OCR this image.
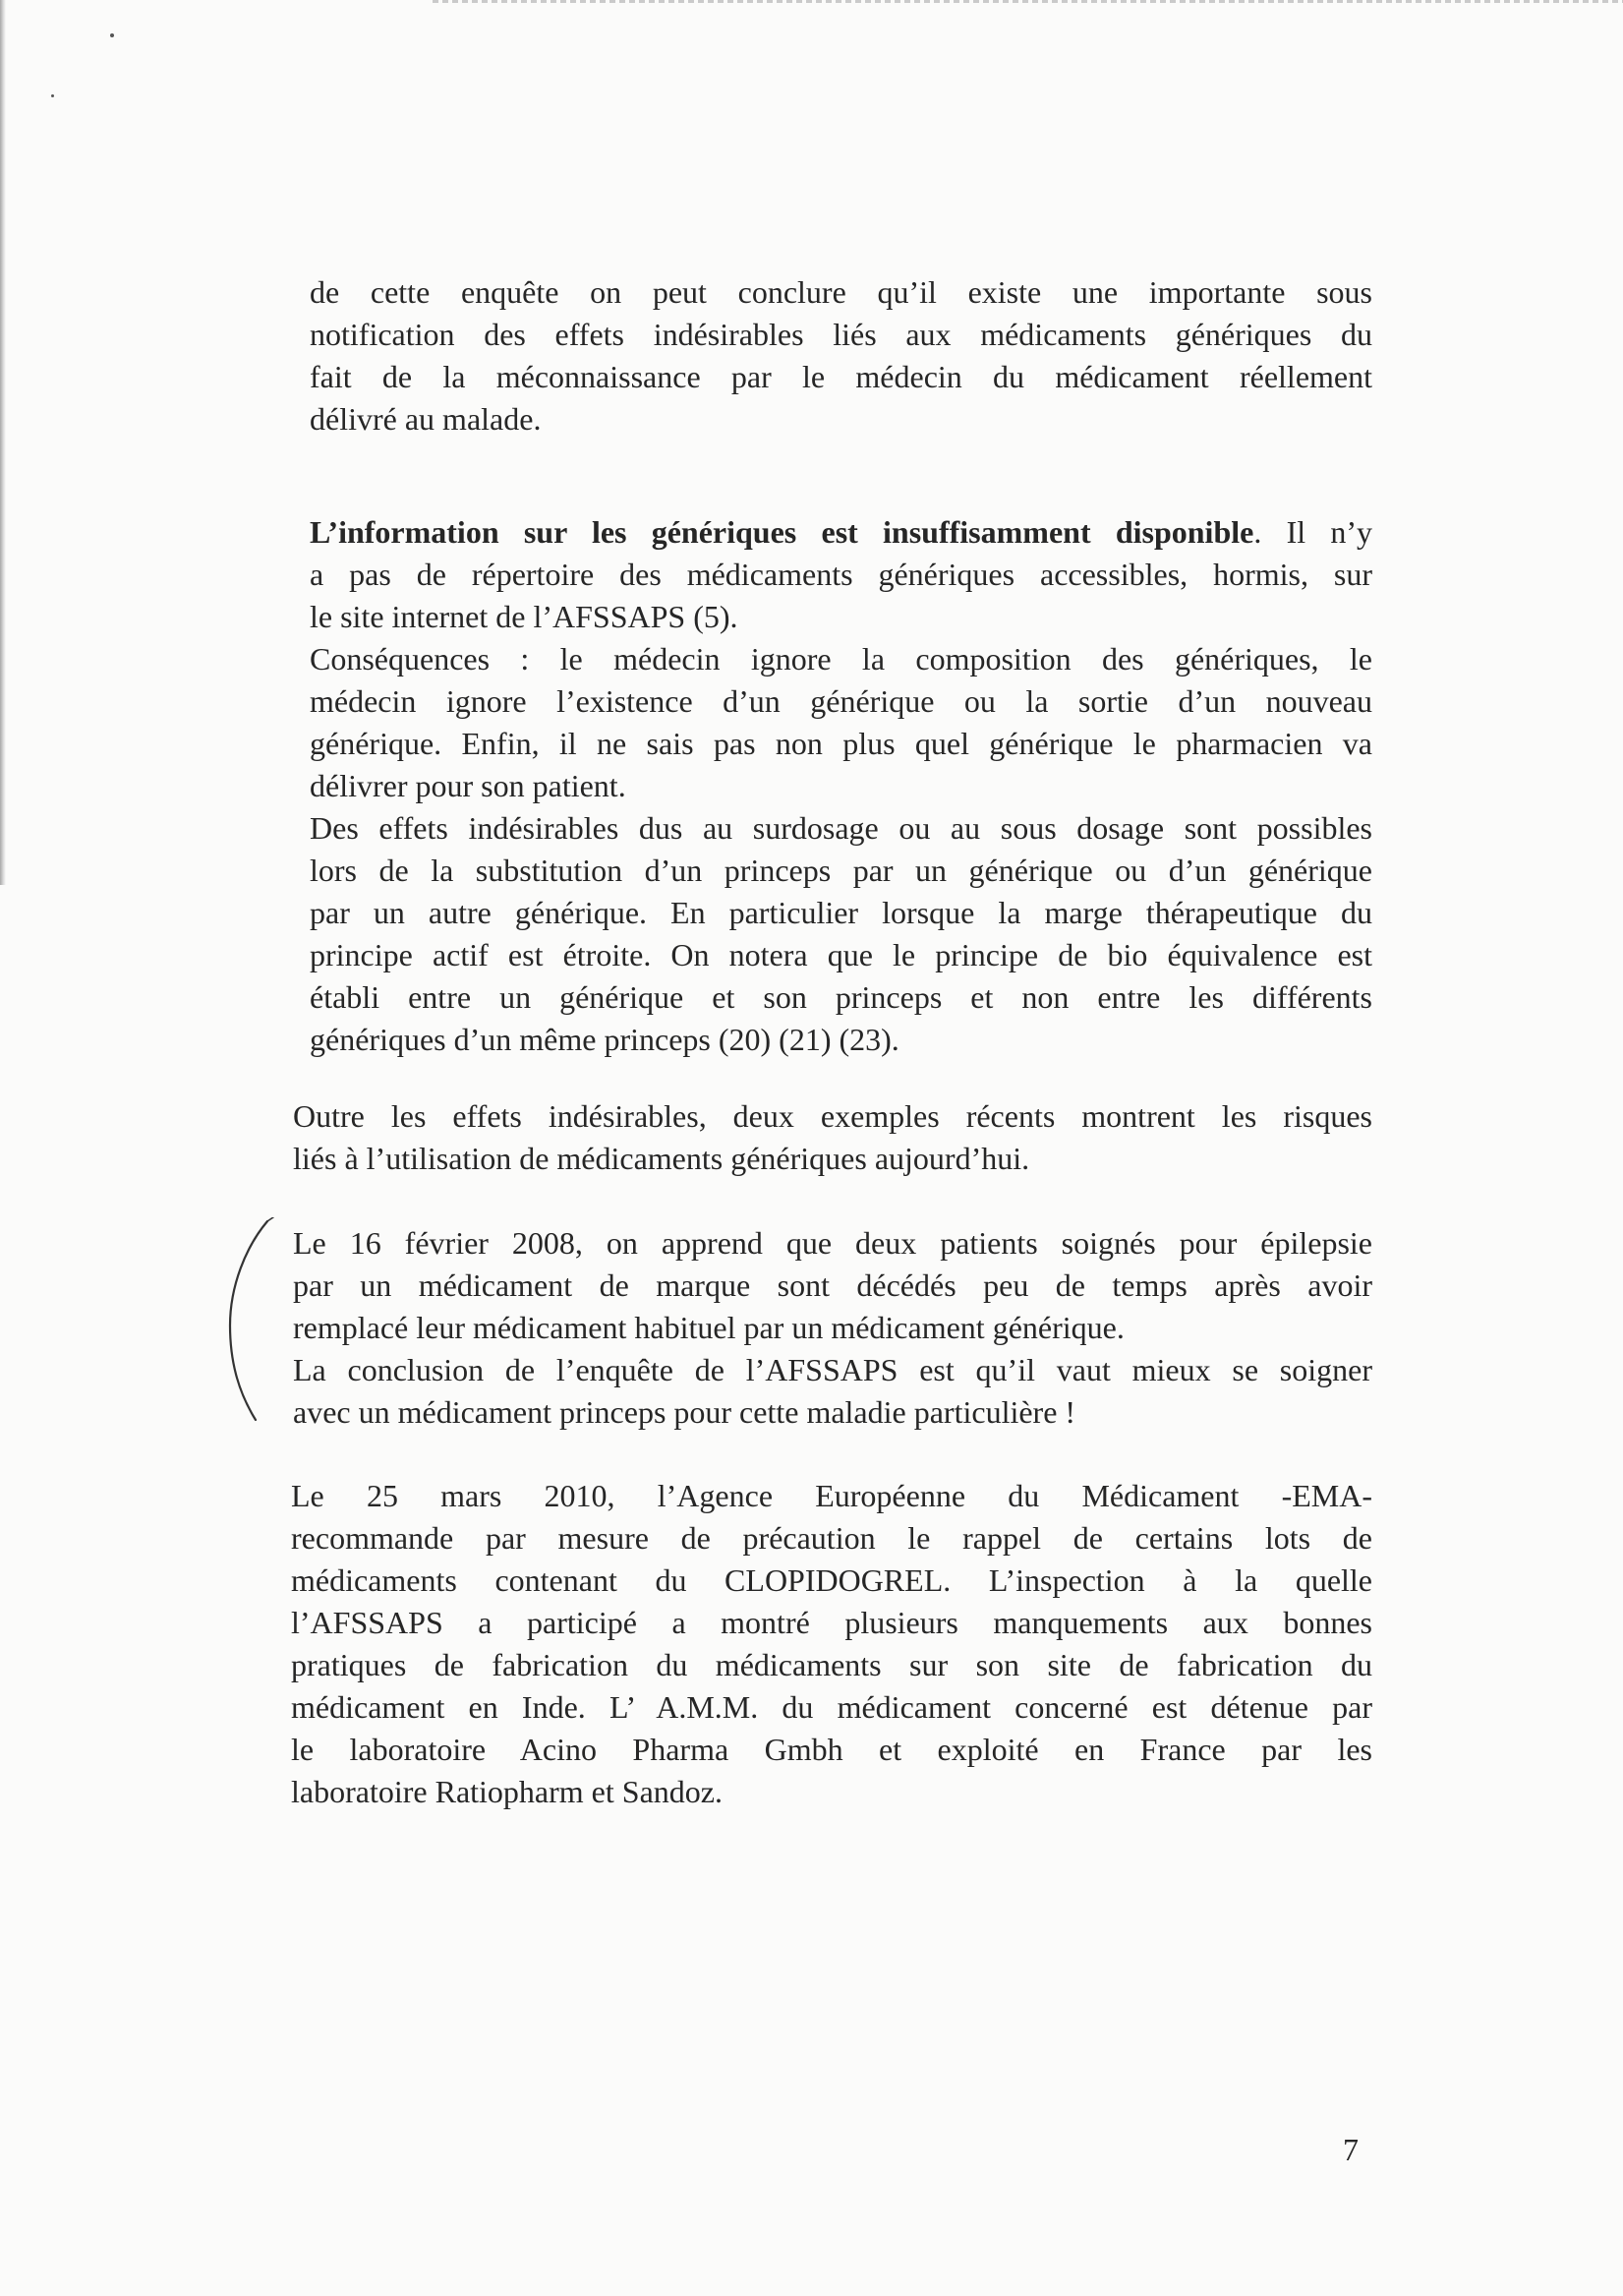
de cette enquête on peut conclure qu’il existe une importante sous
notification des effets indésirables liés aux médicaments génériques du
fait de la méconnaissance par le médecin du médicament réellement
délivré au malade.
L’information sur les génériques est insuffisamment disponible. Il n’y
a pas de répertoire des médicaments génériques accessibles, hormis, sur
le site internet de l’AFSSAPS (5).
Conséquences : le médecin ignore la composition des génériques, le
médecin ignore l’existence d’un générique ou la sortie d’un nouveau
générique. Enfin, il ne sais pas non plus quel générique le pharmacien va
délivrer pour son patient.
Des effets indésirables dus au surdosage ou au sous dosage sont possibles
lors de la substitution d’un princeps par un générique ou d’un générique
par un autre générique. En particulier lorsque la marge thérapeutique du
principe actif est étroite. On notera que le principe de bio équivalence est
établi entre un générique et son princeps et non entre les différents
génériques d’un même princeps (20) (21) (23).
Outre les effets indésirables, deux exemples récents montrent les risques
liés à l’utilisation de médicaments génériques aujourd’hui.
Le 16 février 2008, on apprend que deux patients soignés pour épilepsie
par un médicament de marque sont décédés peu de temps après avoir
remplacé leur médicament habituel par un médicament générique.
La conclusion de l’enquête de l’AFSSAPS est qu’il vaut mieux se soigner
avec un médicament princeps pour cette maladie particulière !
Le 25 mars 2010, l’Agence Européenne du Médicament -EMA-
recommande par mesure de précaution le rappel de certains lots de
médicaments contenant du CLOPIDOGREL. L’inspection à la quelle
l’AFSSAPS a participé a montré plusieurs manquements aux bonnes
pratiques de fabrication du médicaments sur son site de fabrication du
médicament en Inde. L’ A.M.M. du médicament concerné est détenue par
le laboratoire Acino Pharma Gmbh et exploité en France par les
laboratoire Ratiopharm et Sandoz.
7
